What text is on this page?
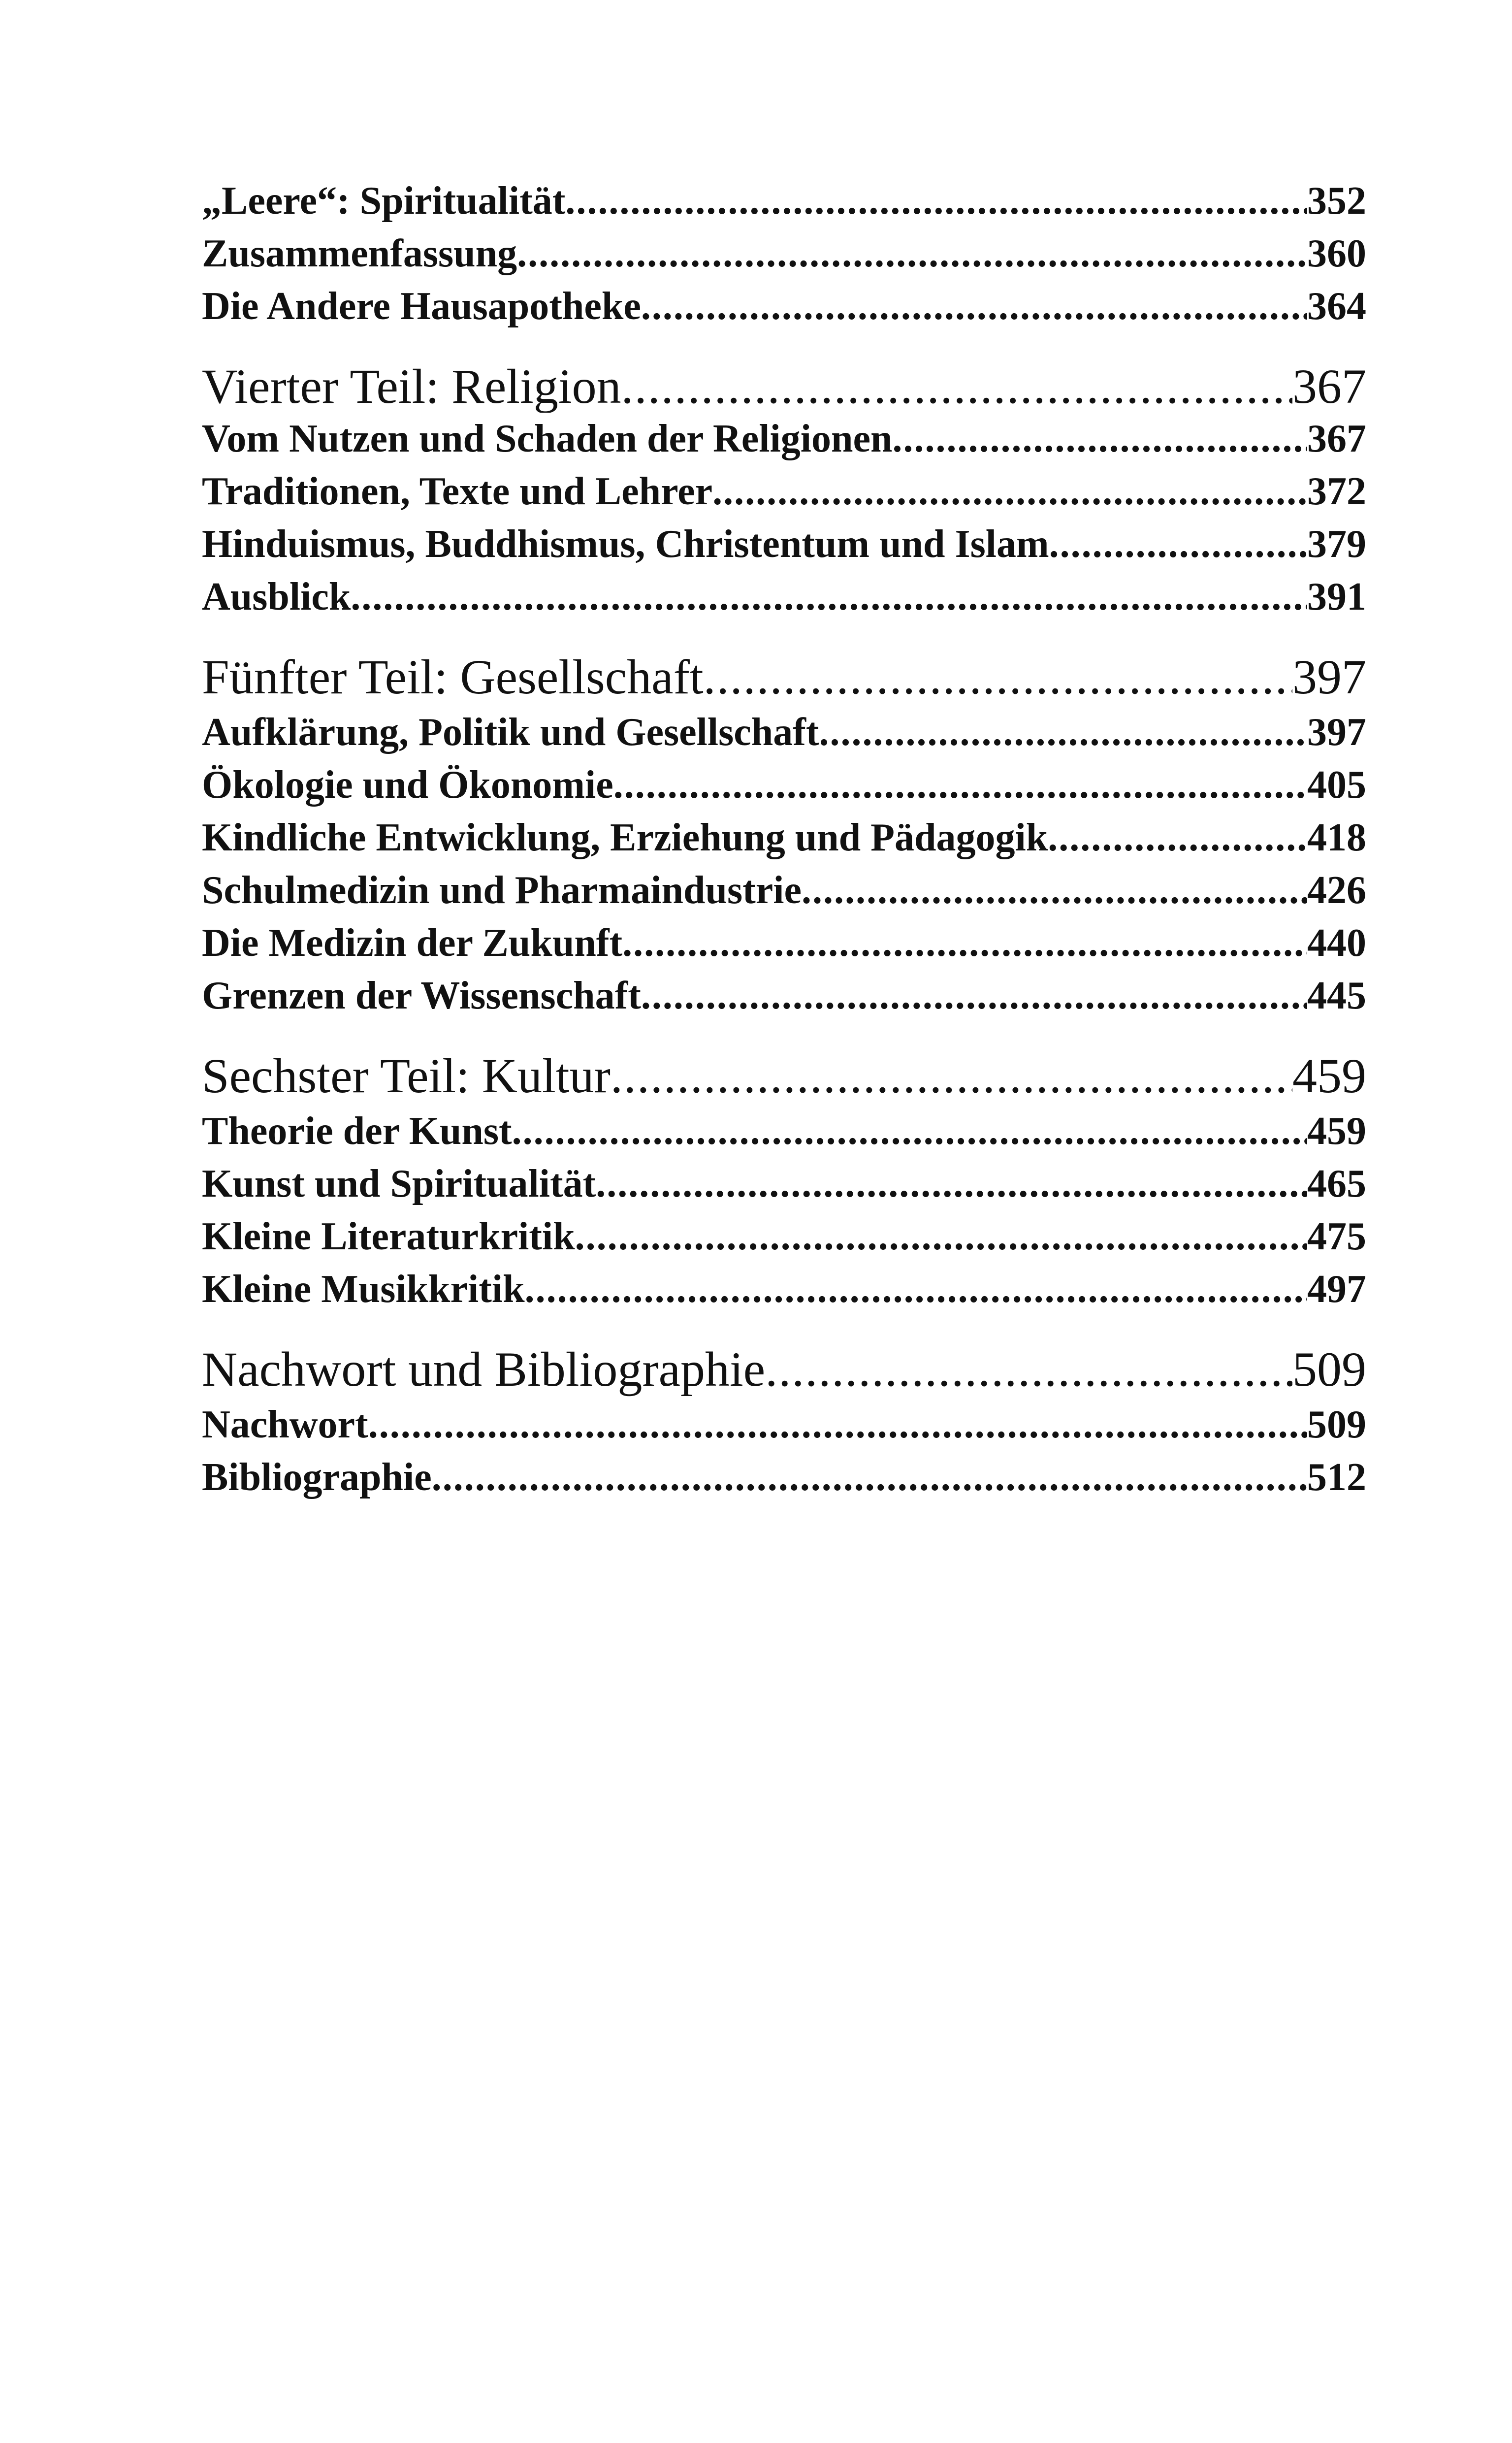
„Leere“: Spiritualität .....	352
Zusammenfassung .....	360
Die Andere Hausapotheke .....	364
Vierter Teil: Religion .....	367
Vom Nutzen und Schaden der Religionen .....	367
Traditionen, Texte und Lehrer .....	372
Hinduismus, Buddhismus, Christentum und Islam .....	379
Ausblick .....	391
Fünfter Teil: Gesellschaft .....	397
Aufklärung, Politik und Gesellschaft .....	397
Ökologie und Ökonomie .....	405
Kindliche Entwicklung, Erziehung und Pädagogik .....	418
Schulmedizin und Pharmaindustrie .....	426
Die Medizin der Zukunft .....	440
Grenzen der Wissenschaft .....	445
Sechster Teil: Kultur .....	459
Theorie der Kunst .....	459
Kunst und Spiritualität .....	465
Kleine Literaturkritik .....	475
Kleine Musikkritik .....	497
Nachwort und Bibliographie .....	509
Nachwort .....	509
Bibliographie .....	512
